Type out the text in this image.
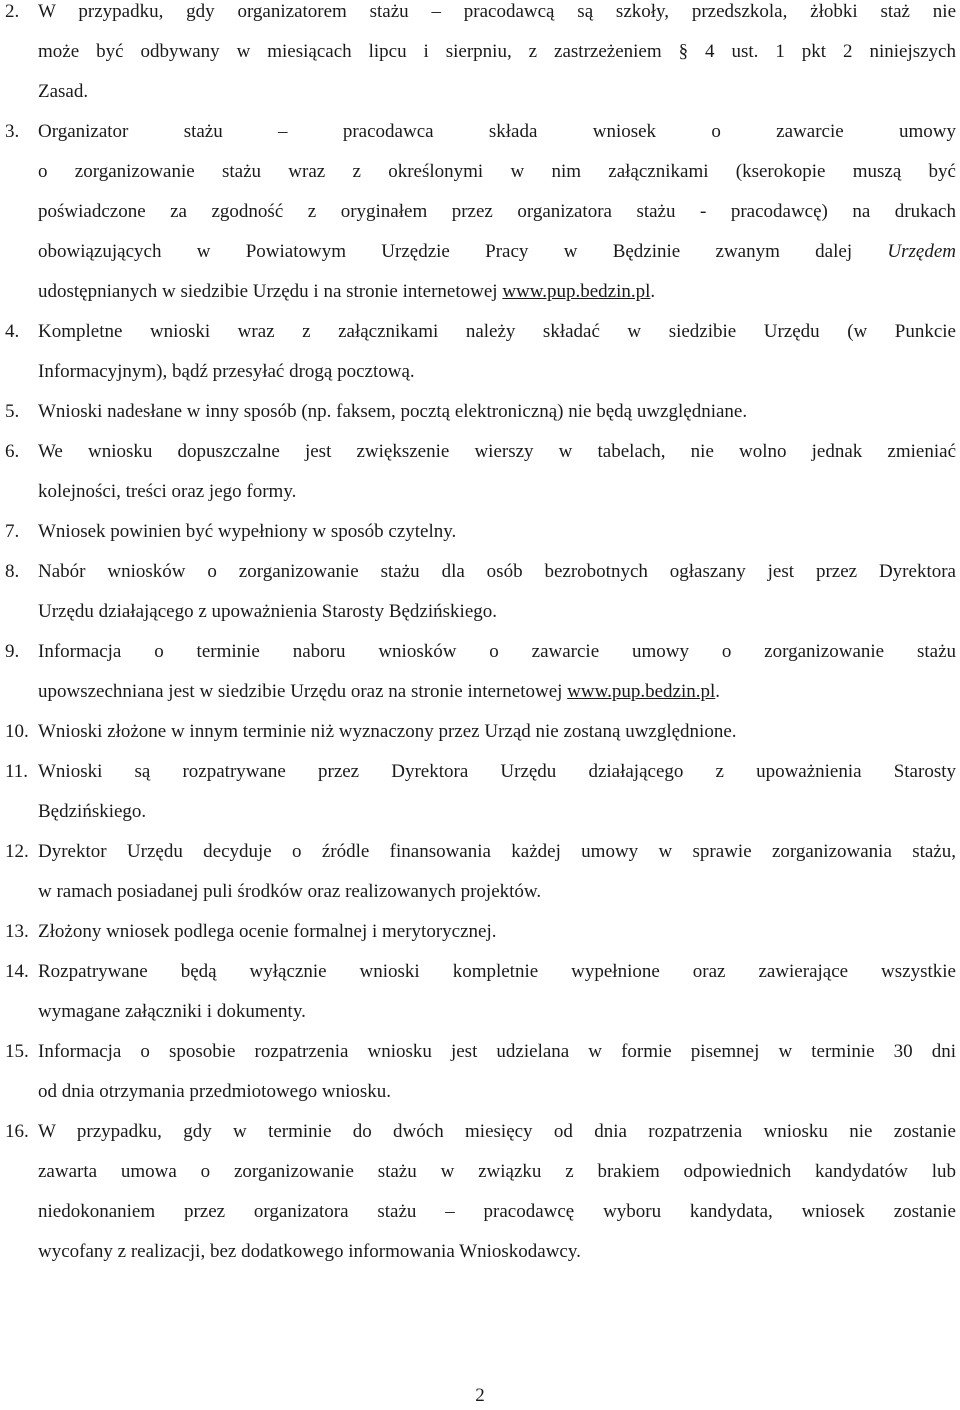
2. W przypadku, gdy organizatorem stażu – pracodawcą są szkoły, przedszkola, żłobki staż nie
może być odbywany w miesiącach lipcu i sierpniu, z zastrzeżeniem § 4 ust. 1 pkt 2 niniejszych
Zasad.
3. Organizator stażu – pracodawca składa wniosek o zawarcie umowy
o zorganizowanie stażu wraz z określonymi w nim załącznikami (kserokopie muszą być
poświadczone za zgodność z oryginałem przez organizatora stażu - pracodawcę) na drukach
obowiązujących w Powiatowym Urzędzie Pracy w Będzinie zwanym dalej Urzędem
udostępnianych w siedzibie Urzędu i na stronie internetowej www.pup.bedzin.pl.
4. Kompletne wnioski wraz z załącznikami należy składać w siedzibie Urzędu (w Punkcie
Informacyjnym), bądź przesyłać drogą pocztową.
5. Wnioski nadesłane w inny sposób (np. faksem, pocztą elektroniczną) nie będą uwzględniane.
6. We wniosku dopuszczalne jest zwiększenie wierszy w tabelach, nie wolno jednak zmieniać
kolejności, treści oraz jego formy.
7. Wniosek powinien być wypełniony w sposób czytelny.
8. Nabór wniosków o zorganizowanie stażu dla osób bezrobotnych ogłaszany jest przez Dyrektora
Urzędu działającego z upoważnienia Starosty Będzińskiego.
9. Informacja o terminie naboru wniosków o zawarcie umowy o zorganizowanie stażu
upowszechniana jest w siedzibie Urzędu oraz na stronie internetowej www.pup.bedzin.pl.
10. Wnioski złożone w innym terminie niż wyznaczony przez Urząd nie zostaną uwzględnione.
11. Wnioski są rozpatrywane przez Dyrektora Urzędu działającego z upoważnienia Starosty
Będzińskiego.
12. Dyrektor Urzędu decyduje o źródle finansowania każdej umowy w sprawie zorganizowania stażu,
w ramach posiadanej puli środków oraz realizowanych projektów.
13. Złożony wniosek podlega ocenie formalnej i merytorycznej.
14. Rozpatrywane będą wyłącznie wnioski kompletnie wypełnione oraz zawierające wszystkie
wymagane załączniki i dokumenty.
15. Informacja o sposobie rozpatrzenia wniosku jest udzielana w formie pisemnej w terminie 30 dni
od dnia otrzymania przedmiotowego wniosku.
16. W przypadku, gdy w terminie do dwóch miesięcy od dnia rozpatrzenia wniosku nie zostanie
zawarta umowa o zorganizowanie stażu w związku z brakiem odpowiednich kandydatów lub
niedokonaniem przez organizatora stażu – pracodawcę wyboru kandydata, wniosek zostanie
wycofany z realizacji, bez dodatkowego informowania Wnioskodawcy.
2
